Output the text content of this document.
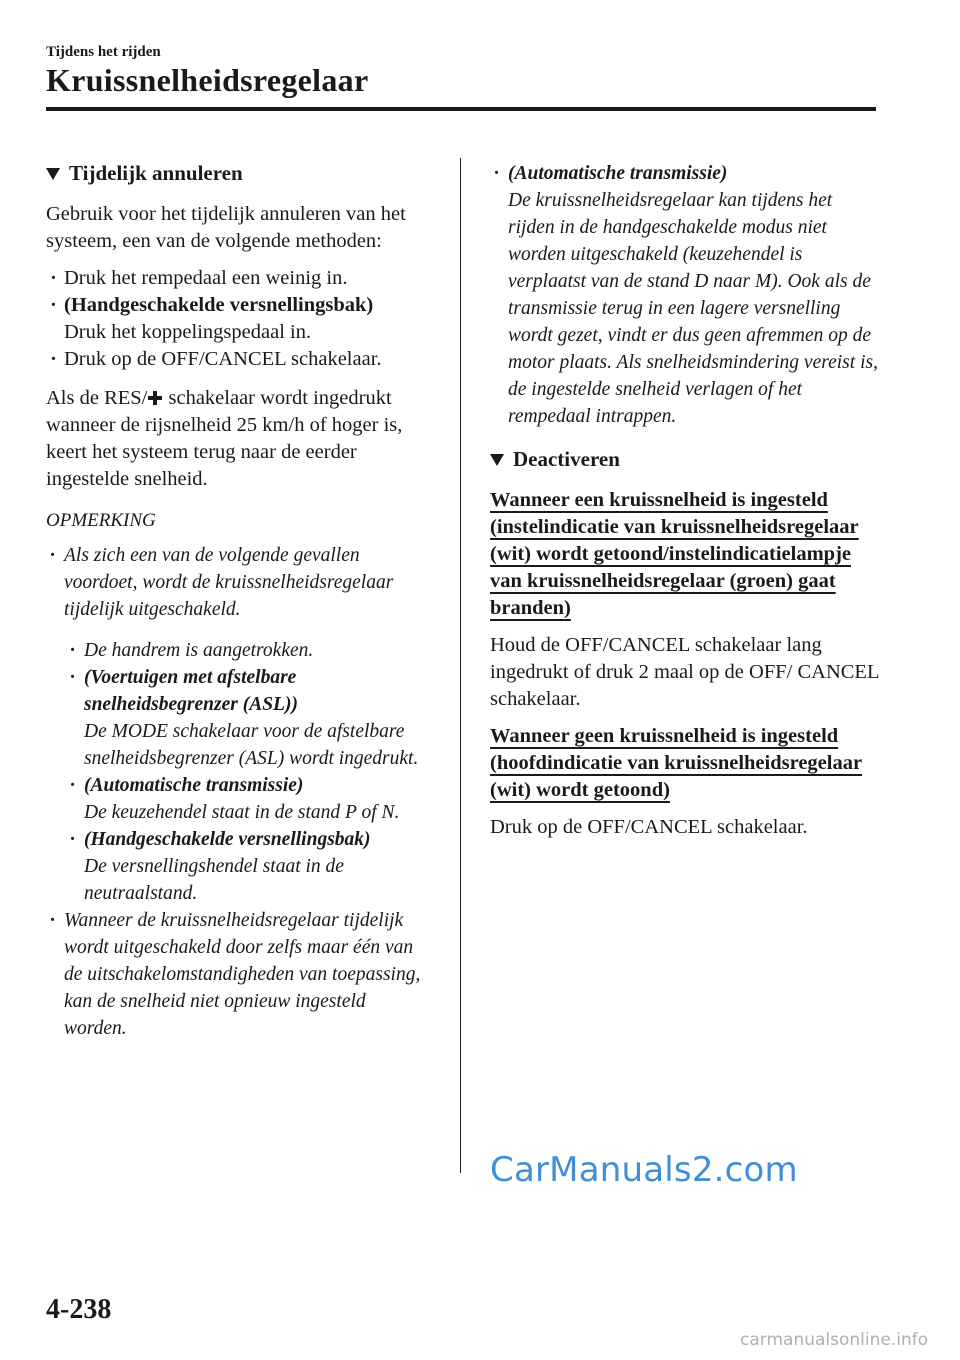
Tijdens het rijden
Kruissnelheidsregelaar
Tijdelijk annuleren

Gebruik voor het tijdelijk annuleren van het systeem, een van de volgende methoden:

· Druk het rempedaal een weinig in.
· (Handgeschakelde versnellingsbak)
Druk het koppelingspedaal in.
· Druk op de OFF/CANCEL schakelaar.

Als de RES/ schakelaar wordt ingedrukt wanneer de rijsnelheid 25 km/h of hoger is, keert het systeem terug naar de eerder ingestelde snelheid.

OPMERKING
· Als zich een van de volgende gevallen voordoet, wordt de kruissnelheidsregelaar tijdelijk uitgeschakeld.
· De handrem is aangetrokken.
· (Voertuigen met afstelbare snelheidsbegrenzer (ASL))
De MODE schakelaar voor de afstelbare snelheidsbegrenzer (ASL) wordt ingedrukt.
· (Automatische transmissie)
De keuzehendel staat in de stand P of N.
· (Handgeschakelde versnellingsbak)
De versnellingshendel staat in de neutraalstand.
· Wanneer de kruissnelheidsregelaar tijdelijk wordt uitgeschakeld door zelfs maar één van de uitschakelomstandigheden van toepassing, kan de snelheid niet opnieuw ingesteld worden.
· (Automatische transmissie)
De kruissnelheidsregelaar kan tijdens het rijden in de handgeschakelde modus niet worden uitgeschakeld (keuzehendel is verplaatst van de stand D naar M). Ook als de transmissie terug in een lagere versnelling wordt gezet, vindt er dus geen afremmen op de motor plaats. Als snelheidsmindering vereist is, de ingestelde snelheid verlagen of het rempedaal intrappen.
Deactiveren
Wanneer een kruissnelheid is ingesteld (instelindicatie van kruissnelheidsregelaar (wit) wordt getoond/instelindicatielampje van kruissnelheidsregelaar (groen) gaat branden)

Houd de OFF/CANCEL schakelaar lang ingedrukt of druk 2 maal op de OFF/ CANCEL schakelaar.

Wanneer geen kruissnelheid is ingesteld (hoofdindicatie van kruissnelheidsregelaar (wit) wordt getoond)

Druk op de OFF/CANCEL schakelaar.

CarManuals2.com
4-238
carmanualsonline.info
